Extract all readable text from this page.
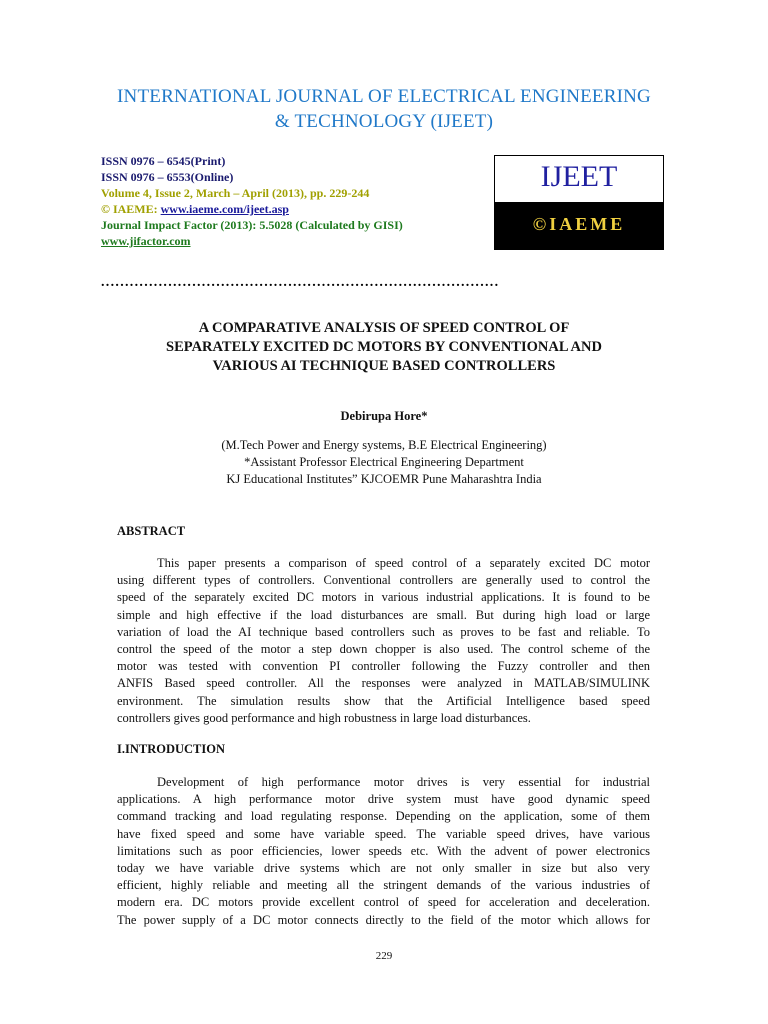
INTERNATIONAL JOURNAL OF ELECTRICAL ENGINEERING
& TECHNOLOGY (IJEET)
ISSN 0976 – 6545(Print)
ISSN 0976 – 6553(Online)
Volume 4, Issue 2, March – April (2013), pp. 229-244
© IAEME: www.iaeme.com/ijeet.asp
Journal Impact Factor (2013): 5.5028 (Calculated by GISI)
www.jifactor.com
IJEET
©IAEME
...................................................................................
A COMPARATIVE ANALYSIS OF SPEED CONTROL OF
SEPARATELY EXCITED DC MOTORS BY CONVENTIONAL AND
VARIOUS AI TECHNIQUE BASED CONTROLLERS
Debirupa Hore*
(M.Tech Power and Energy systems, B.E Electrical Engineering)
*Assistant Professor Electrical Engineering Department
KJ Educational Institutes” KJCOEMR Pune Maharashtra India
ABSTRACT
This paper presents a comparison of speed control of a separately excited DC motor
using different types of controllers. Conventional controllers are generally used to control the
speed of the separately excited DC motors in various industrial applications. It is found to be
simple and high effective if the load disturbances are small. But during high load or large
variation of load the AI technique based controllers such as proves to be fast and reliable. To
control the speed of the motor a step down chopper is also used. The control scheme of the
motor was tested with convention PI controller following the Fuzzy controller and then
ANFIS Based speed controller. All the responses were analyzed in MATLAB/SIMULINK
environment. The simulation results show that the Artificial Intelligence based speed
controllers gives good performance and high robustness in large load disturbances.
I.INTRODUCTION
Development of high performance motor drives is very essential for industrial
applications. A high performance motor drive system must have good dynamic speed
command tracking and load regulating response. Depending on the application, some of them
have fixed speed and some have variable speed. The variable speed drives, have various
limitations such as poor efficiencies, lower speeds etc. With the advent of power electronics
today we have variable drive systems which are not only smaller in size but also very
efficient, highly reliable and meeting all the stringent demands of the various industries of
modern era. DC motors provide excellent control of speed for acceleration and deceleration.
The power supply of a DC motor connects directly to the field of the motor which allows for
229
